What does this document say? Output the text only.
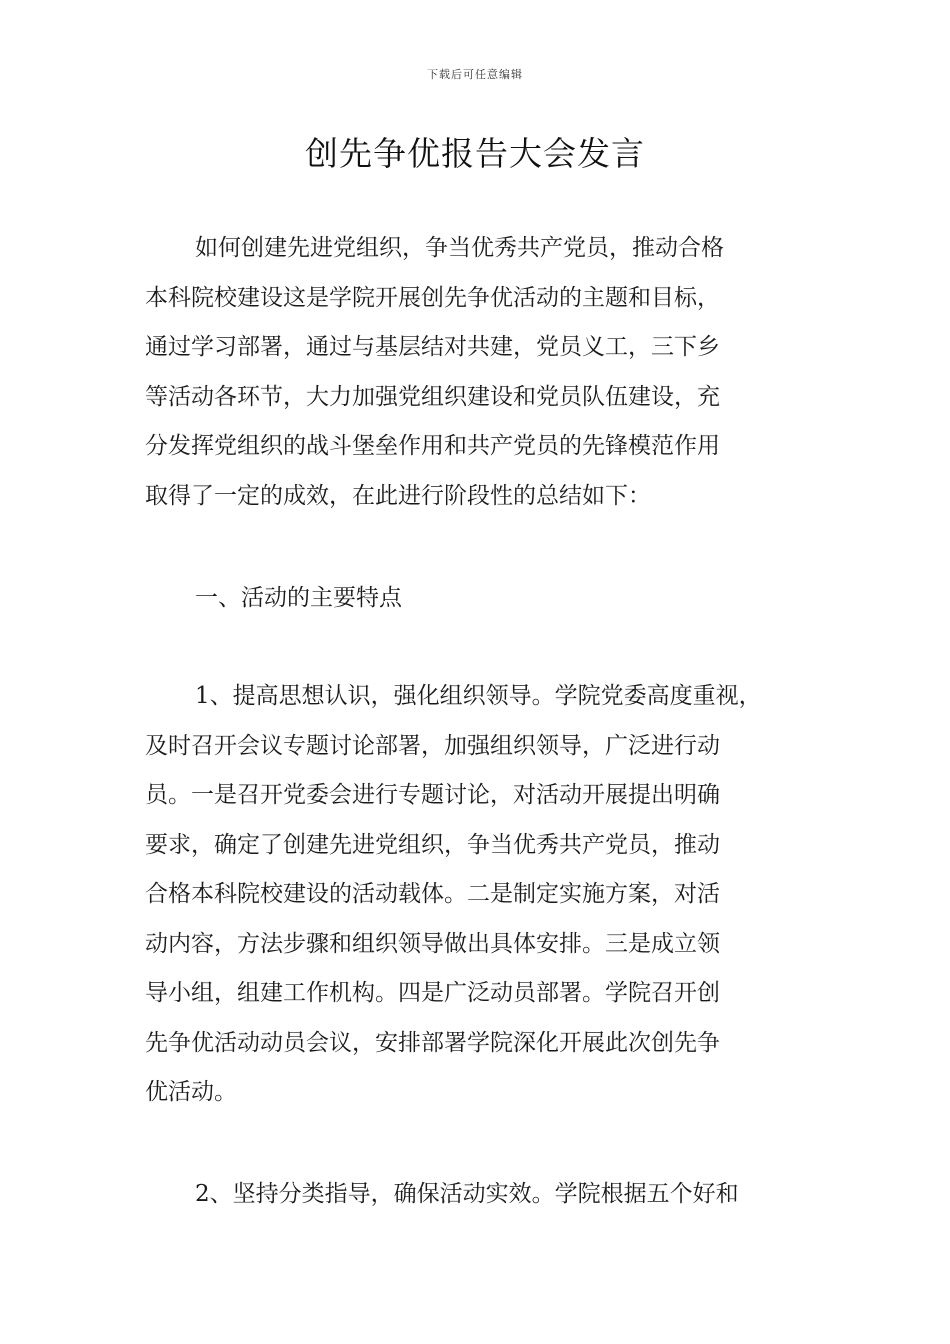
下载后可任意编辑
创先争优报告大会发言

如何创建先进党组织，争当优秀共产党员，推动合格
本科院校建设这是学院开展创先争优活动的主题和目标，
通过学习部署，通过与基层结对共建，党员义工，三下乡
等活动各环节，大力加强党组织建设和党员队伍建设，充
分发挥党组织的战斗堡垒作用和共产党员的先锋模范作用
取得了一定的成效，在此进行阶段性的总结如下：

一、活动的主要特点

1、提高思想认识，强化组织领导。学院党委高度重视，
及时召开会议专题讨论部署，加强组织领导，广泛进行动
员。一是召开党委会进行专题讨论，对活动开展提出明确
要求，确定了创建先进党组织，争当优秀共产党员，推动
合格本科院校建设的活动载体。二是制定实施方案，对活
动内容，方法步骤和组织领导做出具体安排。三是成立领
导小组，组建工作机构。四是广泛动员部署。学院召开创
先争优活动动员会议，安排部署学院深化开展此次创先争
优活动。

2、坚持分类指导，确保活动实效。学院根据五个好和
